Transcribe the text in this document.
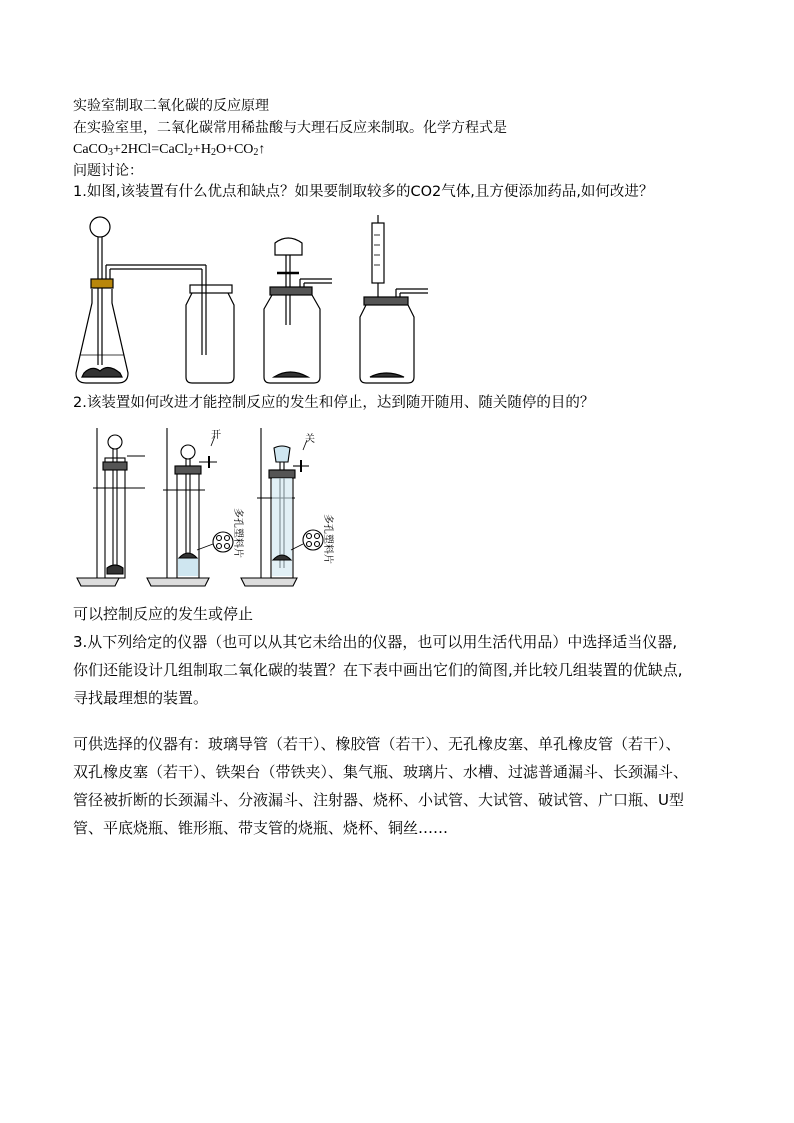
实验室制取二氧化碳的反应原理
在实验室里，二氧化碳常用稀盐酸与大理石反应来制取。化学方程式是
$CaCO_3+2HCl=CaCl_2+H_2O+CO_2↑$
问题讨论：
1.如图,该装置有什么优点和缺点？如果要制取较多的CO2气体,且方便添加药品,如何改进？
2.该装置如何改进才能控制反应的发生和停止，达到随开随用、随关随停的目的？
开	关
多孔塑料片	多孔塑料片
可以控制反应的发生或停止

3.从下列给定的仪器（也可以从其它未给出的仪器，也可以用生活代用品）中选择适当仪器,

你们还能设计几组制取二氧化碳的装置？在下表中画出它们的简图,并比较几组装置的优缺点,

寻找最理想的装置。

可供选择的仪器有：玻璃导管（若干）、橡胶管（若干）、无孔橡皮塞、单孔橡皮管（若干）、

双孔橡皮塞（若干）、铁架台（带铁夹）、集气瓶、玻璃片、水槽、过滤普通漏斗、长颈漏斗、

管径被折断的长颈漏斗、分液漏斗、注射器、烧杯、小试管、大试管、破试管、广口瓶、U型

管、平底烧瓶、锥形瓶、带支管的烧瓶、烧杯、铜丝……
